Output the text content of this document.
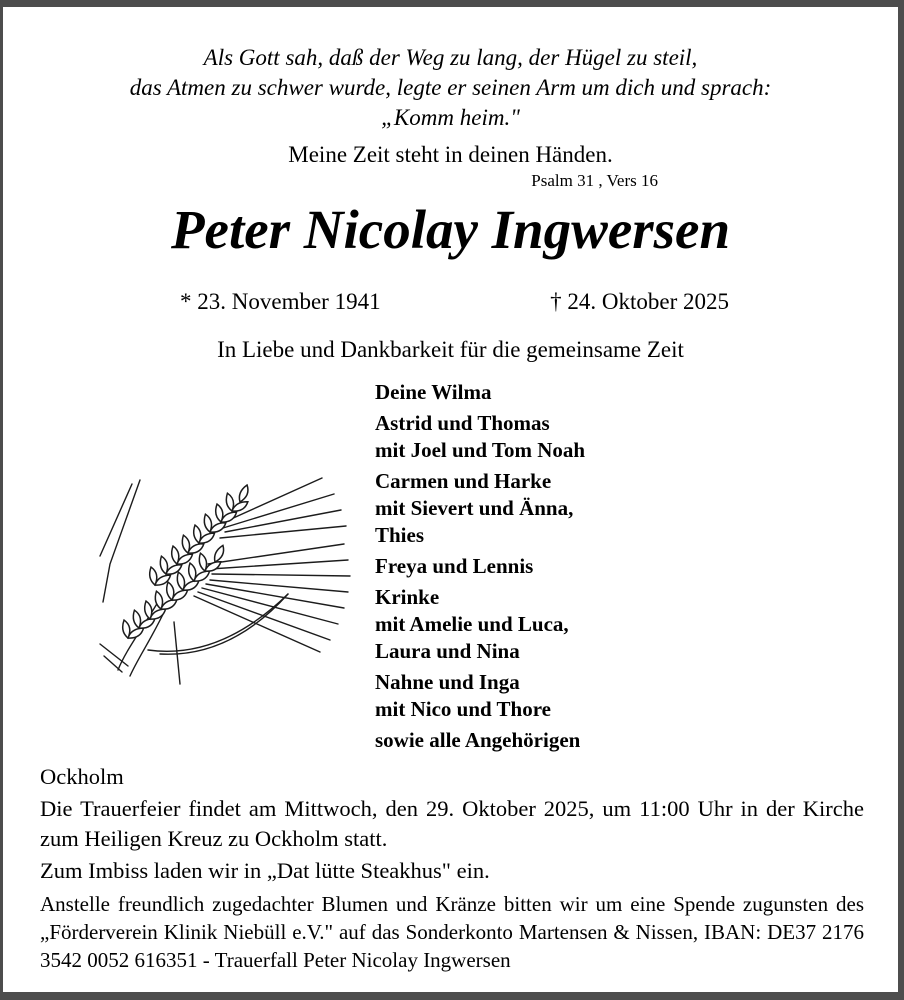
Als Gott sah, daß der Weg zu lang, der Hügel zu steil,
das Atmen zu schwer wurde, legte er seinen Arm um dich und sprach:
„Komm heim."
Meine Zeit steht in deinen Händen.
Psalm 31 , Vers 16
Peter Nicolay Ingwersen
* 23. November 1941	† 24. Oktober 2025
In Liebe und Dankbarkeit für die gemeinsame Zeit
Deine Wilma
Astrid und Thomas
mit Joel und Tom Noah
Carmen und Harke
mit Sievert und Änna,
Thies
Freya und Lennis
Krinke
mit Amelie und Luca,
Laura und Nina
Nahne und Inga
mit Nico und Thore
sowie alle Angehörigen
Ockholm
Die Trauerfeier findet am Mittwoch, den 29. Oktober 2025, um 11:00 Uhr in der Kirche zum Heiligen Kreuz zu Ockholm statt.
Zum Imbiss laden wir in „Dat lütte Steakhus" ein.
Anstelle freundlich zugedachter Blumen und Kränze bitten wir um eine Spende zugunsten des „Förderverein Klinik Niebüll e.V." auf das Sonderkonto Martensen & Nissen, IBAN: DE37 2176 3542 0052 616351 - Trauerfall Peter Nicolay Ingwersen
